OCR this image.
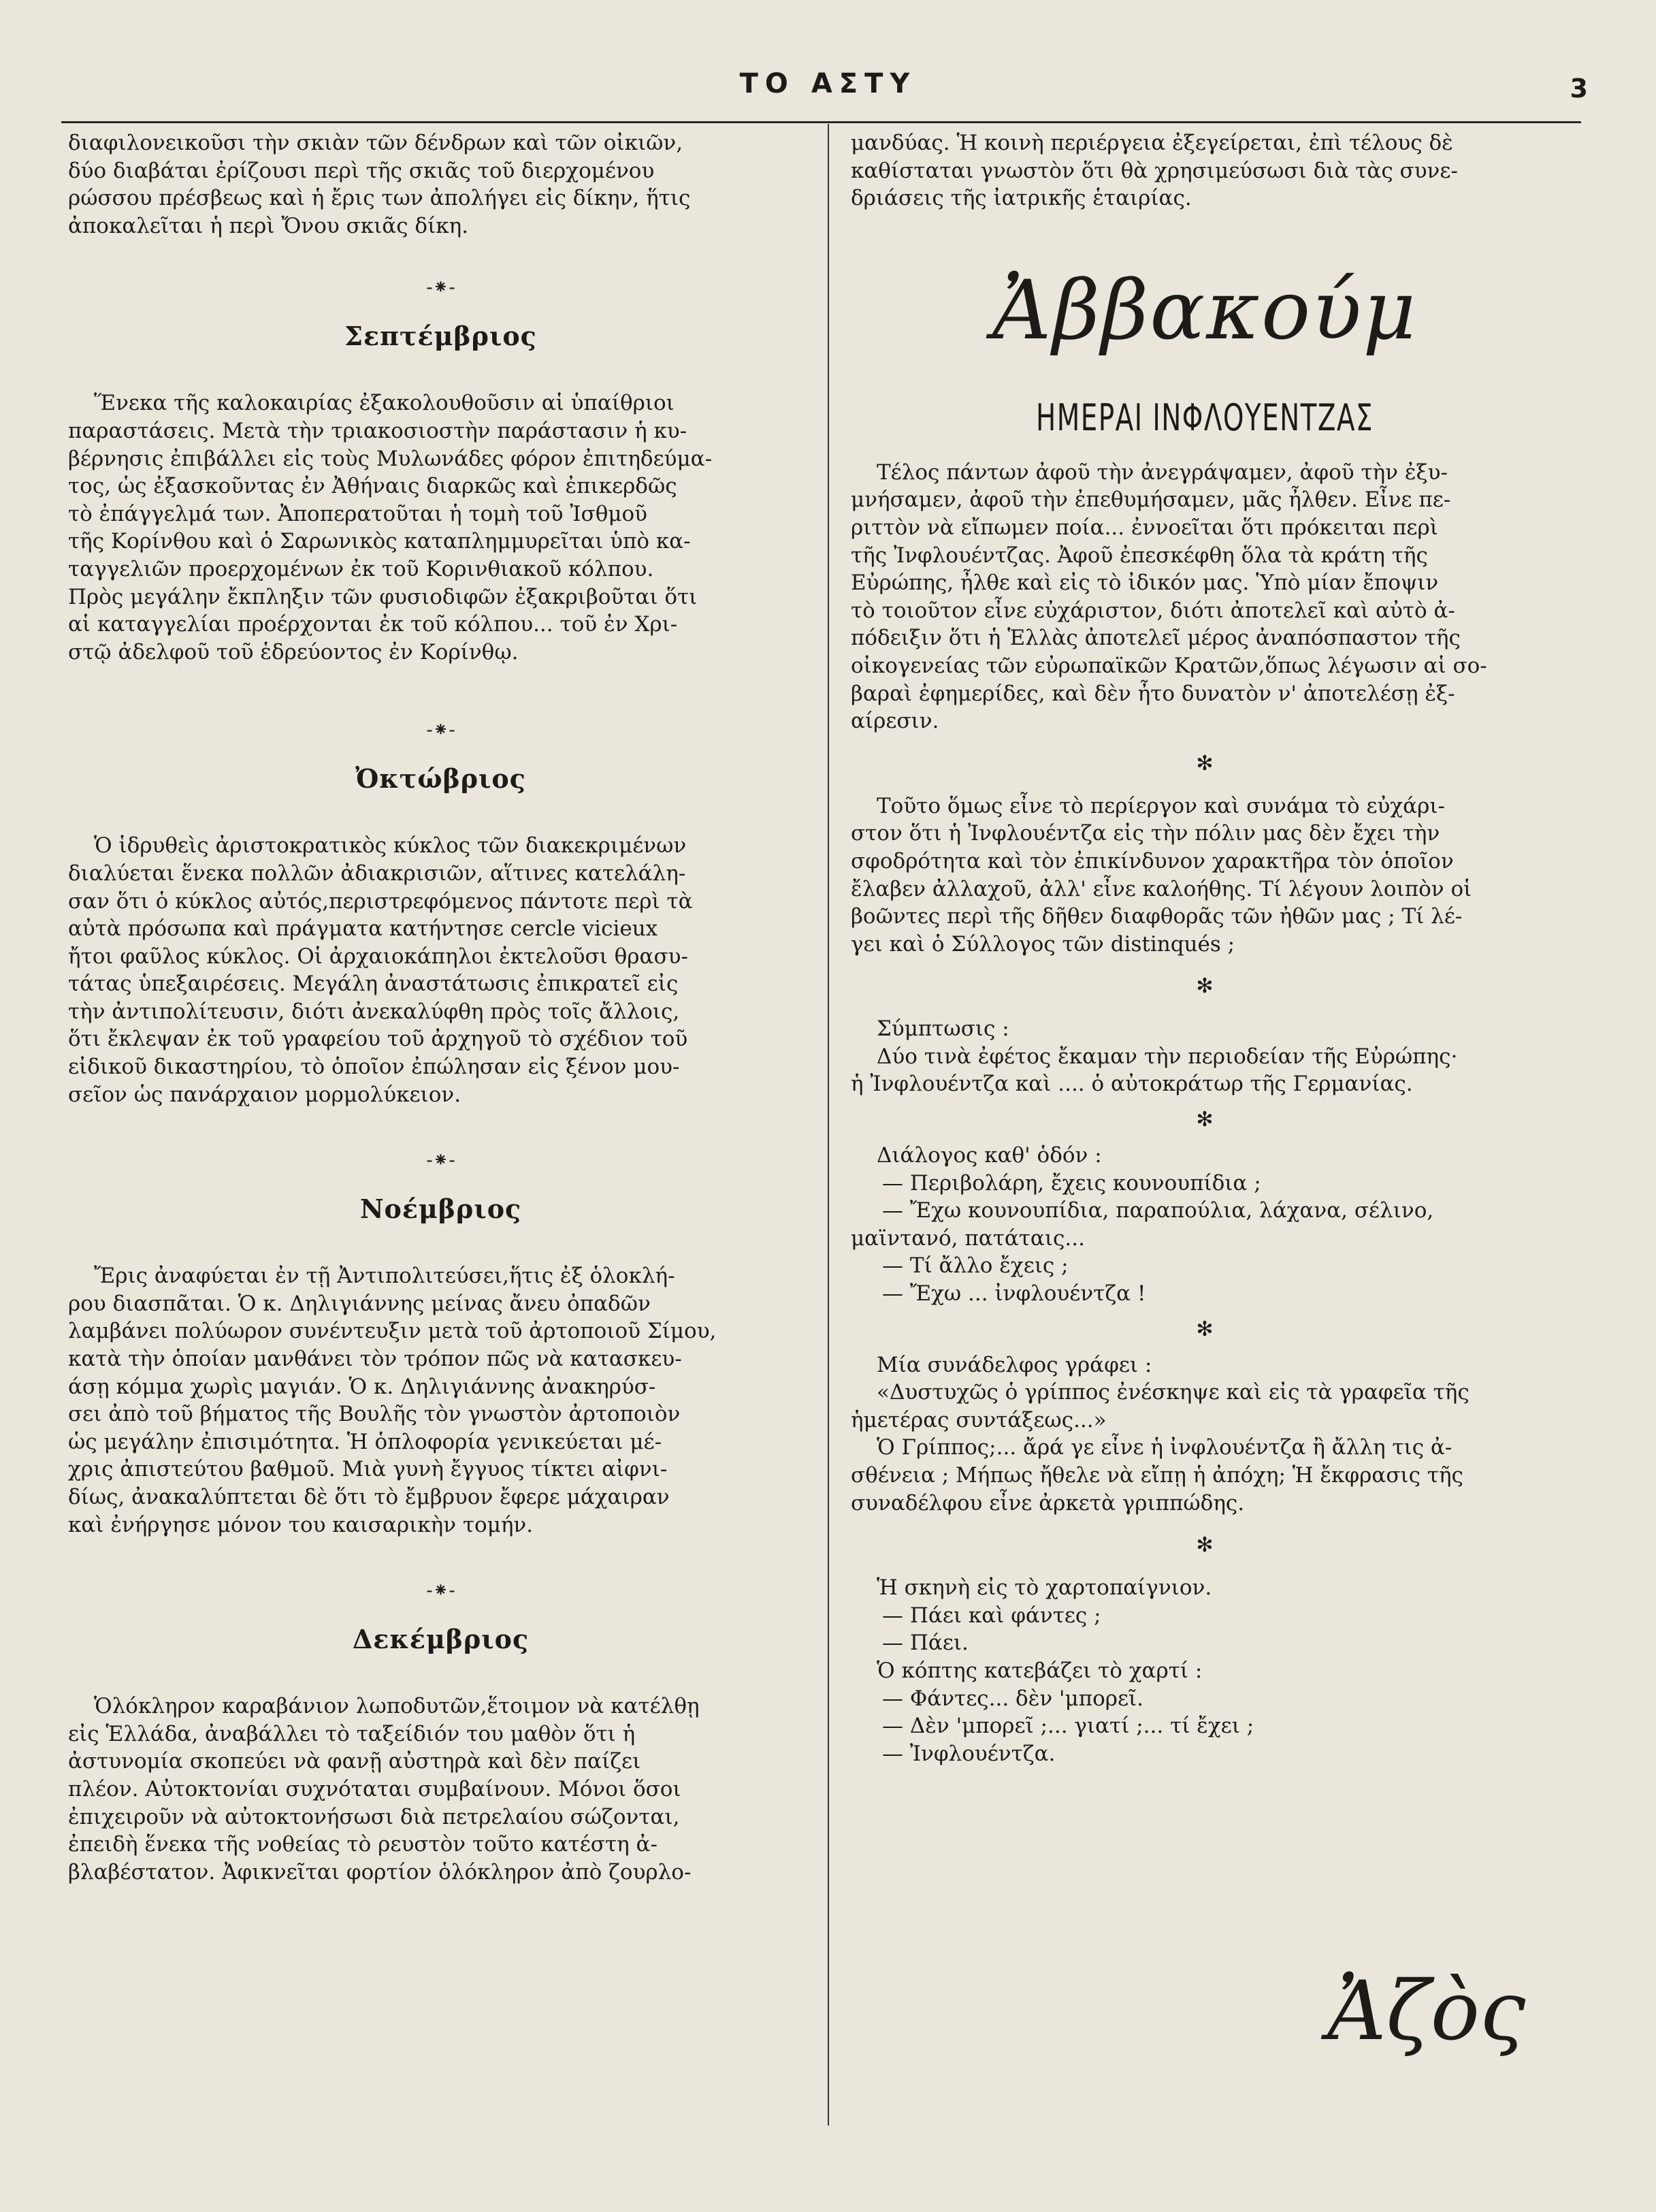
ΤΟ ΑΣΤΥ	3

διαφιλονεικοῦσι τὴν σκιὰν τῶν δένδρων καὶ τῶν οἰκιῶν,

δύο διαβάται ἐρίζουσι περὶ τῆς σκιᾶς τοῦ διερχομένου

ρώσσου πρέσβεως καὶ ἡ ἔρις των ἀπολήγει εἰς δίκην, ἥτις

ἀποκαλεῖται ἡ περὶ Ὄνου σκιᾶς δίκη.

-⁕-
Σεπτέμβριος

Ἕνεκα τῆς καλοκαιρίας ἐξακολουθοῦσιν αἱ ὑπαίθριοι

παραστάσεις. Μετὰ τὴν τριακοσιοστὴν παράστασιν ἡ κυ-

βέρνησις ἐπιβάλλει εἰς τοὺς Μυλωνάδες φόρον ἐπιτηδεύμα-

τος, ὡς ἐξασκοῦντας ἐν Ἀθήναις διαρκῶς καὶ ἐπικερδῶς

τὸ ἐπάγγελμά των. Ἀποπερατοῦται ἡ τομὴ τοῦ Ἰσθμοῦ

τῆς Κορίνθου καὶ ὁ Σαρωνικὸς καταπλημμυρεῖται ὑπὸ κα-

ταγγελιῶν προερχομένων ἐκ τοῦ Κορινθιακοῦ κόλπου.

Πρὸς μεγάλην ἔκπληξιν τῶν φυσιοδιφῶν ἐξακριβοῦται ὅτι

αἱ καταγγελίαι προέρχονται ἐκ τοῦ κόλπου... τοῦ ἐν Χρι-

στῷ ἀδελφοῦ τοῦ ἑδρεύοντος ἐν Κορίνθῳ.

-⁕-
Ὀκτώβριος

Ὁ ἱδρυθεὶς ἀριστοκρατικὸς κύκλος τῶν διακεκριμένων

διαλύεται ἕνεκα πολλῶν ἀδιακρισιῶν, αἵτινες κατελάλη-

σαν ὅτι ὁ κύκλος αὐτός,περιστρεφόμενος πάντοτε περὶ τὰ

αὐτὰ πρόσωπα καὶ πράγματα κατήντησε cercle vicieux

ἤτοι φαῦλος κύκλος. Οἱ ἀρχαιοκάπηλοι ἐκτελοῦσι θρασυ-

τάτας ὑπεξαιρέσεις. Μεγάλη ἀναστάτωσις ἐπικρατεῖ εἰς

τὴν ἀντιπολίτευσιν, διότι ἀνεκαλύφθη πρὸς τοῖς ἄλλοις,

ὅτι ἔκλεψαν ἐκ τοῦ γραφείου τοῦ ἀρχηγοῦ τὸ σχέδιον τοῦ

εἰδικοῦ δικαστηρίου, τὸ ὁποῖον ἐπώλησαν εἰς ξένον μου-

σεῖον ὡς πανάρχαιον μορμολύκειον.

-⁕-
Νοέμβριος

Ἔρις ἀναφύεται ἐν τῇ Ἀντιπολιτεύσει,ἥτις ἐξ ὁλοκλή-

ρου διασπᾶται. Ὁ κ. Δηλιγιάννης μείνας ἄνευ ὀπαδῶν

λαμβάνει πολύωρον συνέντευξιν μετὰ τοῦ ἀρτοποιοῦ Σίμου,

κατὰ τὴν ὁποίαν μανθάνει τὸν τρόπον πῶς νὰ κατασκευ-

άσῃ κόμμα χωρὶς μαγιάν. Ὁ κ. Δηλιγιάννης ἀνακηρύσ-

σει ἀπὸ τοῦ βήματος τῆς Βουλῆς τὸν γνωστὸν ἀρτοποιὸν

ὡς μεγάλην ἐπισιμότητα. Ἡ ὁπλοφορία γενικεύεται μέ-

χρις ἀπιστεύτου βαθμοῦ. Μιὰ γυνὴ ἔγγυος τίκτει αἰφνι-

δίως, ἀνακαλύπτεται δὲ ὅτι τὸ ἔμβρυον ἔφερε μάχαιραν

καὶ ἐνήργησε μόνον του καισαρικὴν τομήν.

-⁕-
Δεκέμβριος

Ὁλόκληρον καραβάνιον λωποδυτῶν,ἕτοιμον νὰ κατέλθῃ

εἰς Ἑλλάδα, ἀναβάλλει τὸ ταξείδιόν του μαθὸν ὅτι ἡ

ἀστυνομία σκοπεύει νὰ φανῇ αὐστηρὰ καὶ δὲν παίζει

πλέον. Αὐτοκτονίαι συχνόταται συμβαίνουν. Μόνοι ὅσοι

ἐπιχειροῦν νὰ αὐτοκτονήσωσι διὰ πετρελαίου σώζονται,

ἐπειδὴ ἕνεκα τῆς νοθείας τὸ ρευστὸν τοῦτο κατέστη ἀ-

βλαβέστατον. Ἀφικνεῖται φορτίον ὁλόκληρον ἀπὸ ζουρλο-

μανδύας. Ἡ κοινὴ περιέργεια ἐξεγείρεται, ἐπὶ τέλους δὲ

καθίσταται γνωστὸν ὅτι θὰ χρησιμεύσωσι διὰ τὰς συνε-

δριάσεις τῆς ἰατρικῆς ἑταιρίας.

Ἀββακούμ
ΗΜΕΡΑΙ ΙΝΦΛΟΥΕΝΤΖΑΣ

Τέλος πάντων ἀφοῦ τὴν ἀνεγράψαμεν, ἀφοῦ τὴν ἐξυ-

μνήσαμεν, ἀφοῦ τὴν ἐπεθυμήσαμεν, μᾶς ἦλθεν. Εἶνε πε-

ριττὸν νὰ εἴπωμεν ποία... ἐννοεῖται ὅτι πρόκειται περὶ

τῆς Ἰνφλουέντζας. Ἀφοῦ ἐπεσκέφθη ὅλα τὰ κράτη τῆς

Εὐρώπης, ἦλθε καὶ εἰς τὸ ἰδικόν μας. Ὑπὸ μίαν ἔποψιν

τὸ τοιοῦτον εἶνε εὐχάριστον, διότι ἀποτελεῖ καὶ αὐτὸ ἀ-

πόδειξιν ὅτι ἡ Ἑλλὰς ἀποτελεῖ μέρος ἀναπόσπαστον τῆς

οἰκογενείας τῶν εὐρωπαϊκῶν Κρατῶν,ὅπως λέγωσιν αἱ σο-

βαραὶ ἐφημερίδες, καὶ δὲν ἦτο δυνατὸν ν' ἀποτελέσῃ ἐξ-

αίρεσιν.

✻

Τοῦτο ὅμως εἶνε τὸ περίεργον καὶ συνάμα τὸ εὐχάρι-

στον ὅτι ἡ Ἰνφλουέντζα εἰς τὴν πόλιν μας δὲν ἔχει τὴν

σφοδρότητα καὶ τὸν ἐπικίνδυνον χαρακτῆρα τὸν ὁποῖον

ἔλαβεν ἀλλαχοῦ, ἀλλ' εἶνε καλοήθης. Τί λέγουν λοιπὸν οἱ

βοῶντες περὶ τῆς δῆθεν διαφθορᾶς τῶν ἠθῶν μας ; Τί λέ-

γει καὶ ὁ Σύλλογος τῶν distinqués ;

✻

Σύμπτωσις :

Δύο τινὰ ἐφέτος ἔκαμαν τὴν περιοδείαν τῆς Εὐρώπης·

ἡ Ἰνφλουέντζα καὶ .... ὁ αὐτοκράτωρ τῆς Γερμανίας.

✻

Διάλογος καθ' ὁδόν :

— Περιβολάρη, ἔχεις κουνουπίδια ;

— Ἔχω κουνουπίδια, παραπούλια, λάχανα, σέλινο,

μαϊντανό, πατάταις...

— Τί ἄλλο ἔχεις ;

— Ἔχω ... ἰνφλουέντζα !

✻

Μία συνάδελφος γράφει :

«Δυστυχῶς ὁ γρίππος ἐνέσκηψε καὶ εἰς τὰ γραφεῖα τῆς

ἡμετέρας συντάξεως...»

Ὁ Γρίππος;... ἄρά γε εἶνε ἡ ἰνφλουέντζα ἢ ἄλλη τις ἀ-

σθένεια ; Μήπως ἤθελε νὰ εἴπῃ ἡ ἀπόχη; Ἡ ἔκφρασις τῆς

συναδέλφου εἶνε ἀρκετὰ γριππώδης.

✻

Ἡ σκηνὴ εἰς τὸ χαρτοπαίγνιον.

— Πάει καὶ φάντες ;

— Πάει.

Ὁ κόπτης κατεβάζει τὸ χαρτί :

— Φάντες... δὲν 'μπορεῖ.

— Δὲν 'μπορεῖ ;... γιατί ;... τί ἔχει ;

— Ἰνφλουέντζα.

Ἀζὸς
